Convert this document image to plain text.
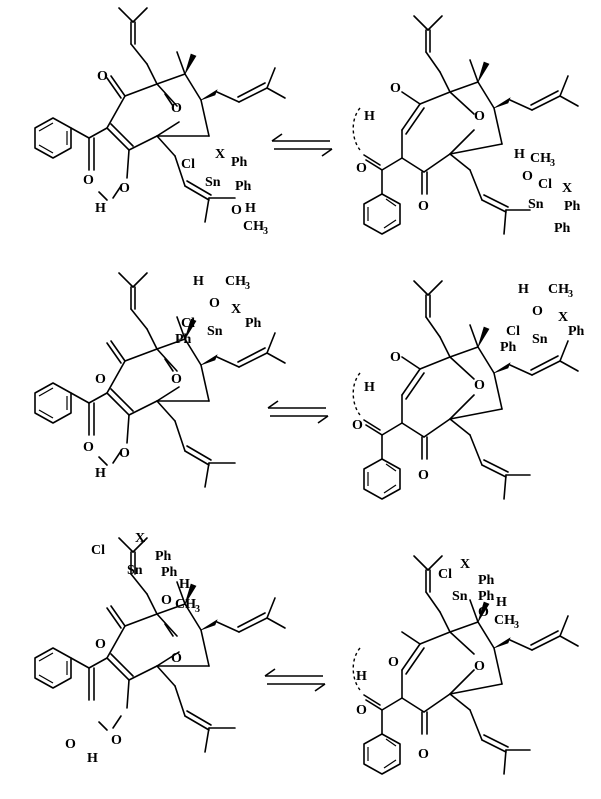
O
O
O
O
H
Cl
X
Ph
Sn Ph
O H
CH 3
H
O
O
O
O
H CH 3
O
Cl X
Sn Ph
Ph
O	O
O O
H
H CH 3
O X
Cl
Sn
Ph
Ph
H
O
O
O
O
H CH 3
O X
Cl
Sn
Ph
Ph
O
O
O	O
H
Cl
X
Ph
Sn Ph
H
O CH 3
H
O	O
O
O
X
Cl Ph
Sn Ph H
O
CH 3
